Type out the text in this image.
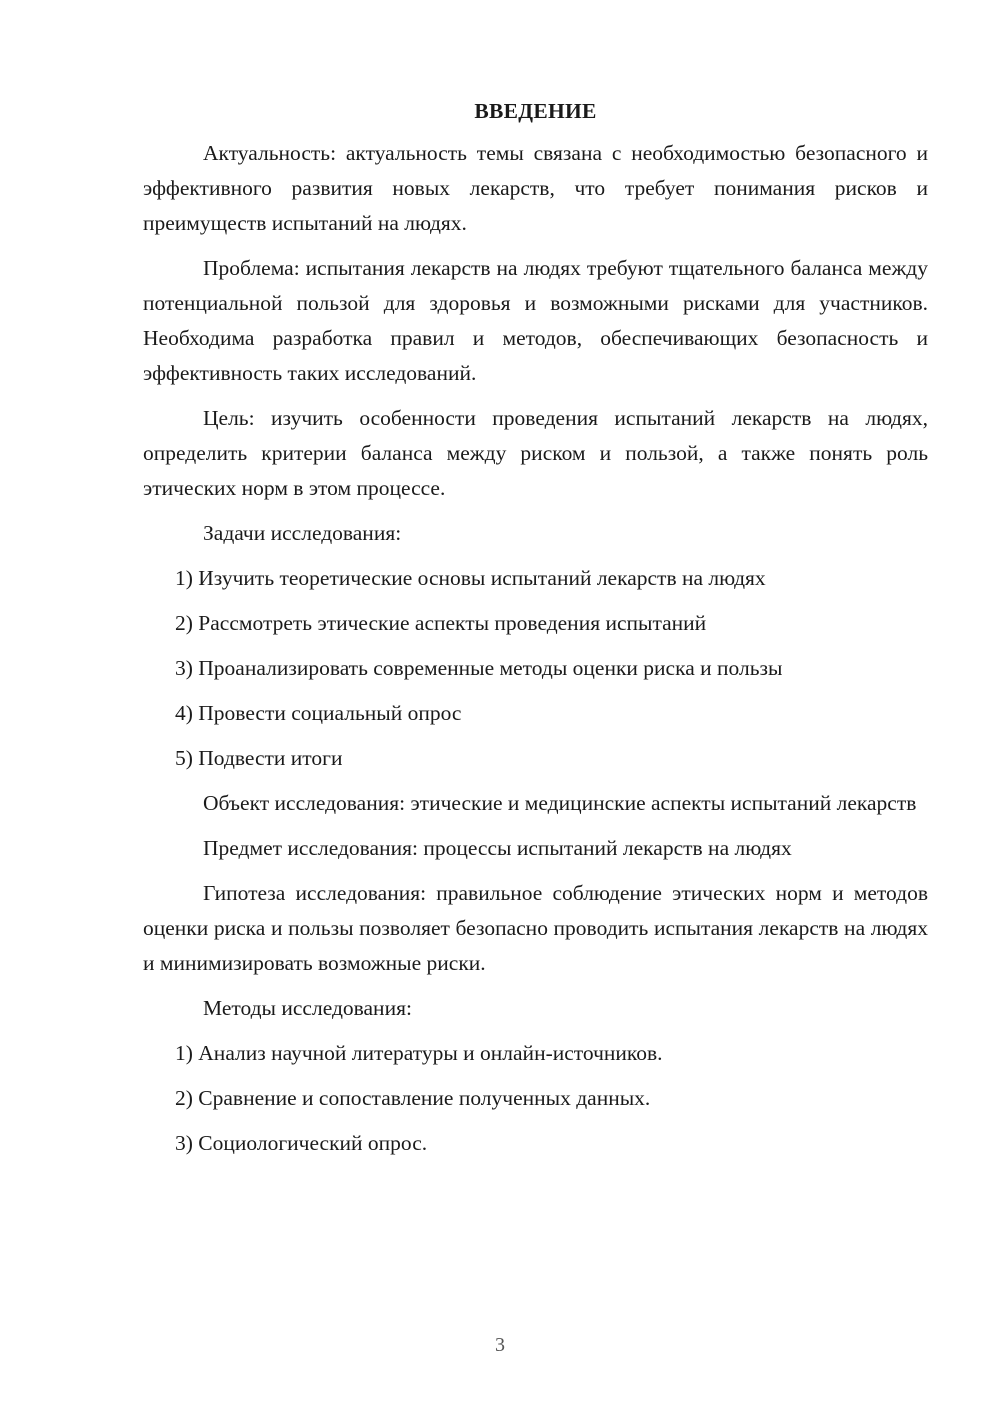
ВВЕДЕНИЕ
Актуальность: актуальность темы связана с необходимостью безопасного и эффективного развития новых лекарств, что требует понимания рисков и преимуществ испытаний на людях.
Проблема: испытания лекарств на людях требуют тщательного баланса между потенциальной пользой для здоровья и возможными рисками для участников. Необходима разработка правил и методов, обеспечивающих безопасность и эффективность таких исследований.
Цель: изучить особенности проведения испытаний лекарств на людях, определить критерии баланса между риском и пользой, а также понять роль этических норм в этом процессе.
Задачи исследования:
1) Изучить теоретические основы испытаний лекарств на людях
2) Рассмотреть этические аспекты проведения испытаний
3) Проанализировать современные методы оценки риска и пользы
4) Провести социальный опрос
5) Подвести итоги
Объект исследования: этические и медицинские аспекты испытаний лекарств
Предмет исследования: процессы испытаний лекарств на людях
Гипотеза исследования: правильное соблюдение этических норм и методов оценки риска и пользы позволяет безопасно проводить испытания лекарств на людях и минимизировать возможные риски.
Методы исследования:
1) Анализ научной литературы и онлайн-источников.
2) Сравнение и сопоставление полученных данных.
3) Социологический опрос.
3
